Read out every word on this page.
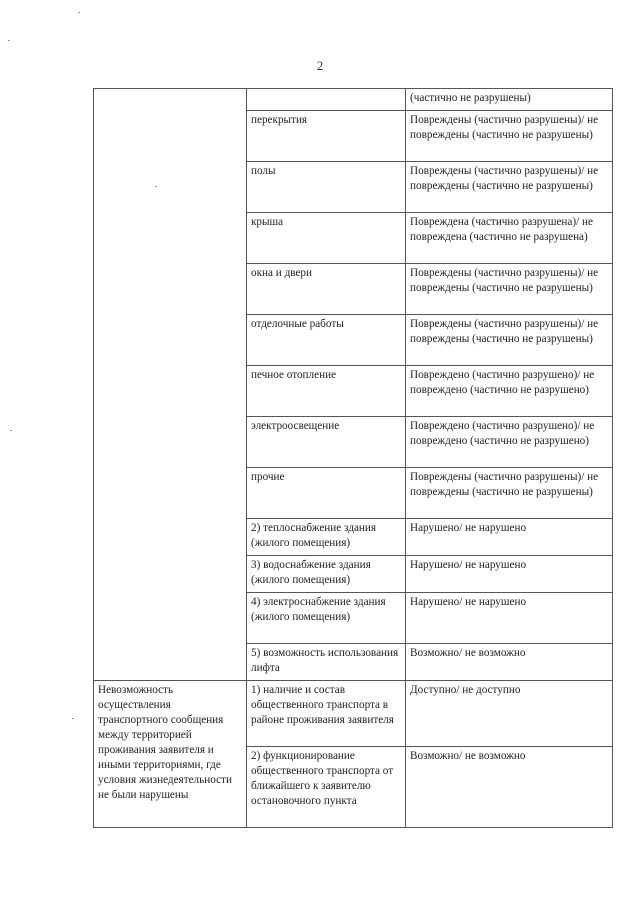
2
		(частично не разрушены)
	перекрытия	Повреждены (частично разрушены)/ не повреждены (частично не разрушены)
	полы	Повреждены (частично разрушены)/ не повреждены (частично не разрушены)
	крыша	Повреждена (частично разрушена)/ не повреждена (частично не разрушена)
	окна и двери	Повреждены (частично разрушены)/ не повреждены (частично не разрушены)
	отделочные работы	Повреждены (частично разрушены)/ не повреждены (частично не разрушены)
	печное отопление	Повреждено (частично разрушено)/ не повреждено (частично не разрушено)
	электроосвещение	Повреждено (частично разрушено)/ не повреждено (частично не разрушено)
	прочие	Повреждены (частично разрушены)/ не повреждены (частично не разрушены)
	2) теплоснабжение здания (жилого помещения)	Нарушено/ не нарушено
	3) водоснабжение здания (жилого помещения)	Нарушено/ не нарушено
	4) электроснабжение здания (жилого помещения)	Нарушено/ не нарушено
	5) возможность использования лифта	Возможно/ не возможно
Невозможность осуществления транспортного сообщения между территорией проживания заявителя и иными территориями, где условия жизнедеятельности не были нарушены	1) наличие и состав общественного транспорта в районе проживания заявителя	Доступно/ не доступно
	2) функционирование общественного транспорта от ближайшего к заявителю остановочного пункта	Возможно/ не возможно
